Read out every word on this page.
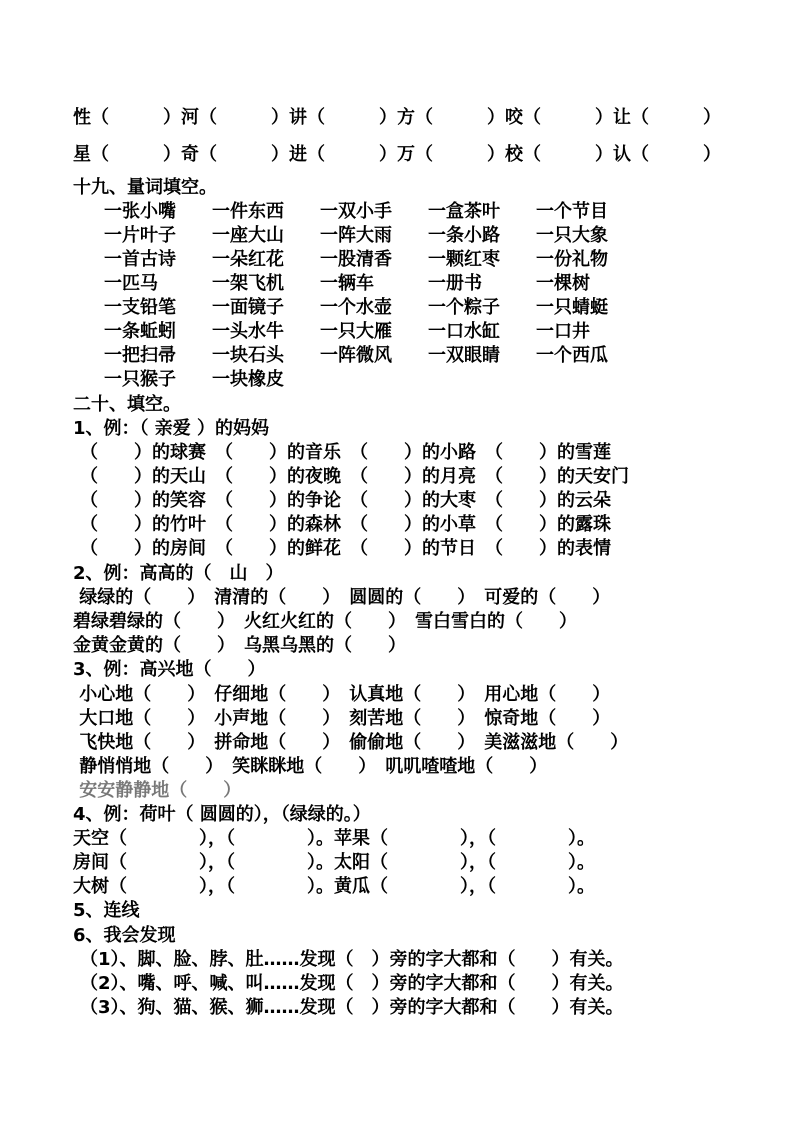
性（　　　）河（　　　）讲（　　　）方（　　　）咬（　　　）让（　　　）
星（　　　）奇（　　　）进（　　　）万（　　　）校（　　　）认（　　　）
十九、量词填空。
一张小嘴　　一件东西　　一双小手　　一盒茶叶　　一个节目
一片叶子　　一座大山　　一阵大雨　　一条小路　　一只大象
一首古诗　　一朵红花　　一股清香　　一颗红枣　　一份礼物
一匹马　　　一架飞机　　一辆车　　　一册书　　　一棵树
一支铅笔　　一面镜子　　一个水壶　　一个粽子　　一只蜻蜓
一条蚯蚓　　一头水牛　　一只大雁　　一口水缸　　一口井
一把扫帚　　一块石头　　一阵微风　　一双眼睛　　一个西瓜
一只猴子　　一块橡皮
二十、填空。
1、例：（ 亲爱 ）的妈妈
（　　）的球赛　（　　）的音乐　（　　）的小路　（　　）的雪莲
（　　）的天山　（　　）的夜晚　（　　）的月亮　（　　）的天安门
（　　）的笑容　（　　）的争论　（　　）的大枣　（　　）的云朵
（　　）的竹叶　（　　）的森林　（　　）的小草　（　　）的露珠
（　　）的房间　（　　）的鲜花　（　　）的节日　（　　）的表情
2、例：高高的（　山　）
绿绿的（　　）　清清的（　　）　圆圆的（　　）　可爱的（　　）
碧绿碧绿的（　　）　火红火红的（　　）　雪白雪白的（　　）
金黄金黄的（　　）　乌黑乌黑的（　　）
3、例：高兴地（　　）
小心地（　　）　仔细地（　　）　认真地（　　）　用心地（　　）
大口地（　　）　小声地（　　）　刻苦地（　　）　惊奇地（　　）
飞快地（　　）　拼命地（　　）　偷偷地（　　）　美滋滋地（　　）
静悄悄地（　　）　笑眯眯地（　　）　叽叽喳喳地（　　）
安安静静地（　　）
4、例：荷叶（ 圆圆的），（绿绿的。）
天空（　　　　），（　　　　）。苹果（　　　　），（　　　　）。
房间（　　　　），（　　　　）。太阳（　　　　），（　　　　）。
大树（　　　　），（　　　　）。黄瓜（　　　　），（　　　　）。
5、连线
6、我会发现
（1）、脚、脸、脖、肚……发现（　）旁的字大都和（　　）有关。
（2）、嘴、呼、喊、叫……发现（　）旁的字大都和（　　）有关。
（3）、狗、猫、猴、狮……发现（　）旁的字大都和（　　）有关。
